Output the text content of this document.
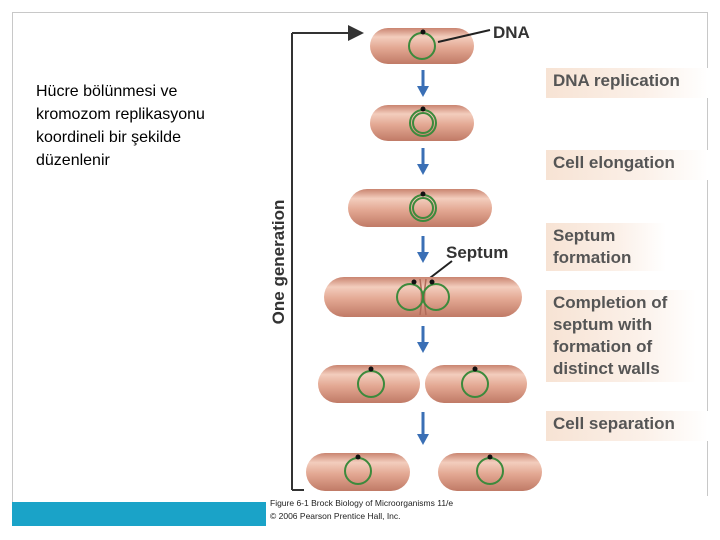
Figure 6-1 Brock Biology of Microorganisms 11/e
© 2006 Pearson Prentice Hall, Inc.
Hücre bölünmesi ve kromozom replikasyonu koordineli bir şekilde düzenlenir
One generation
DNA
Septum
DNA replication
Cell elongation
Septum formation
Completion of septum with formation of distinct walls
Cell separation
